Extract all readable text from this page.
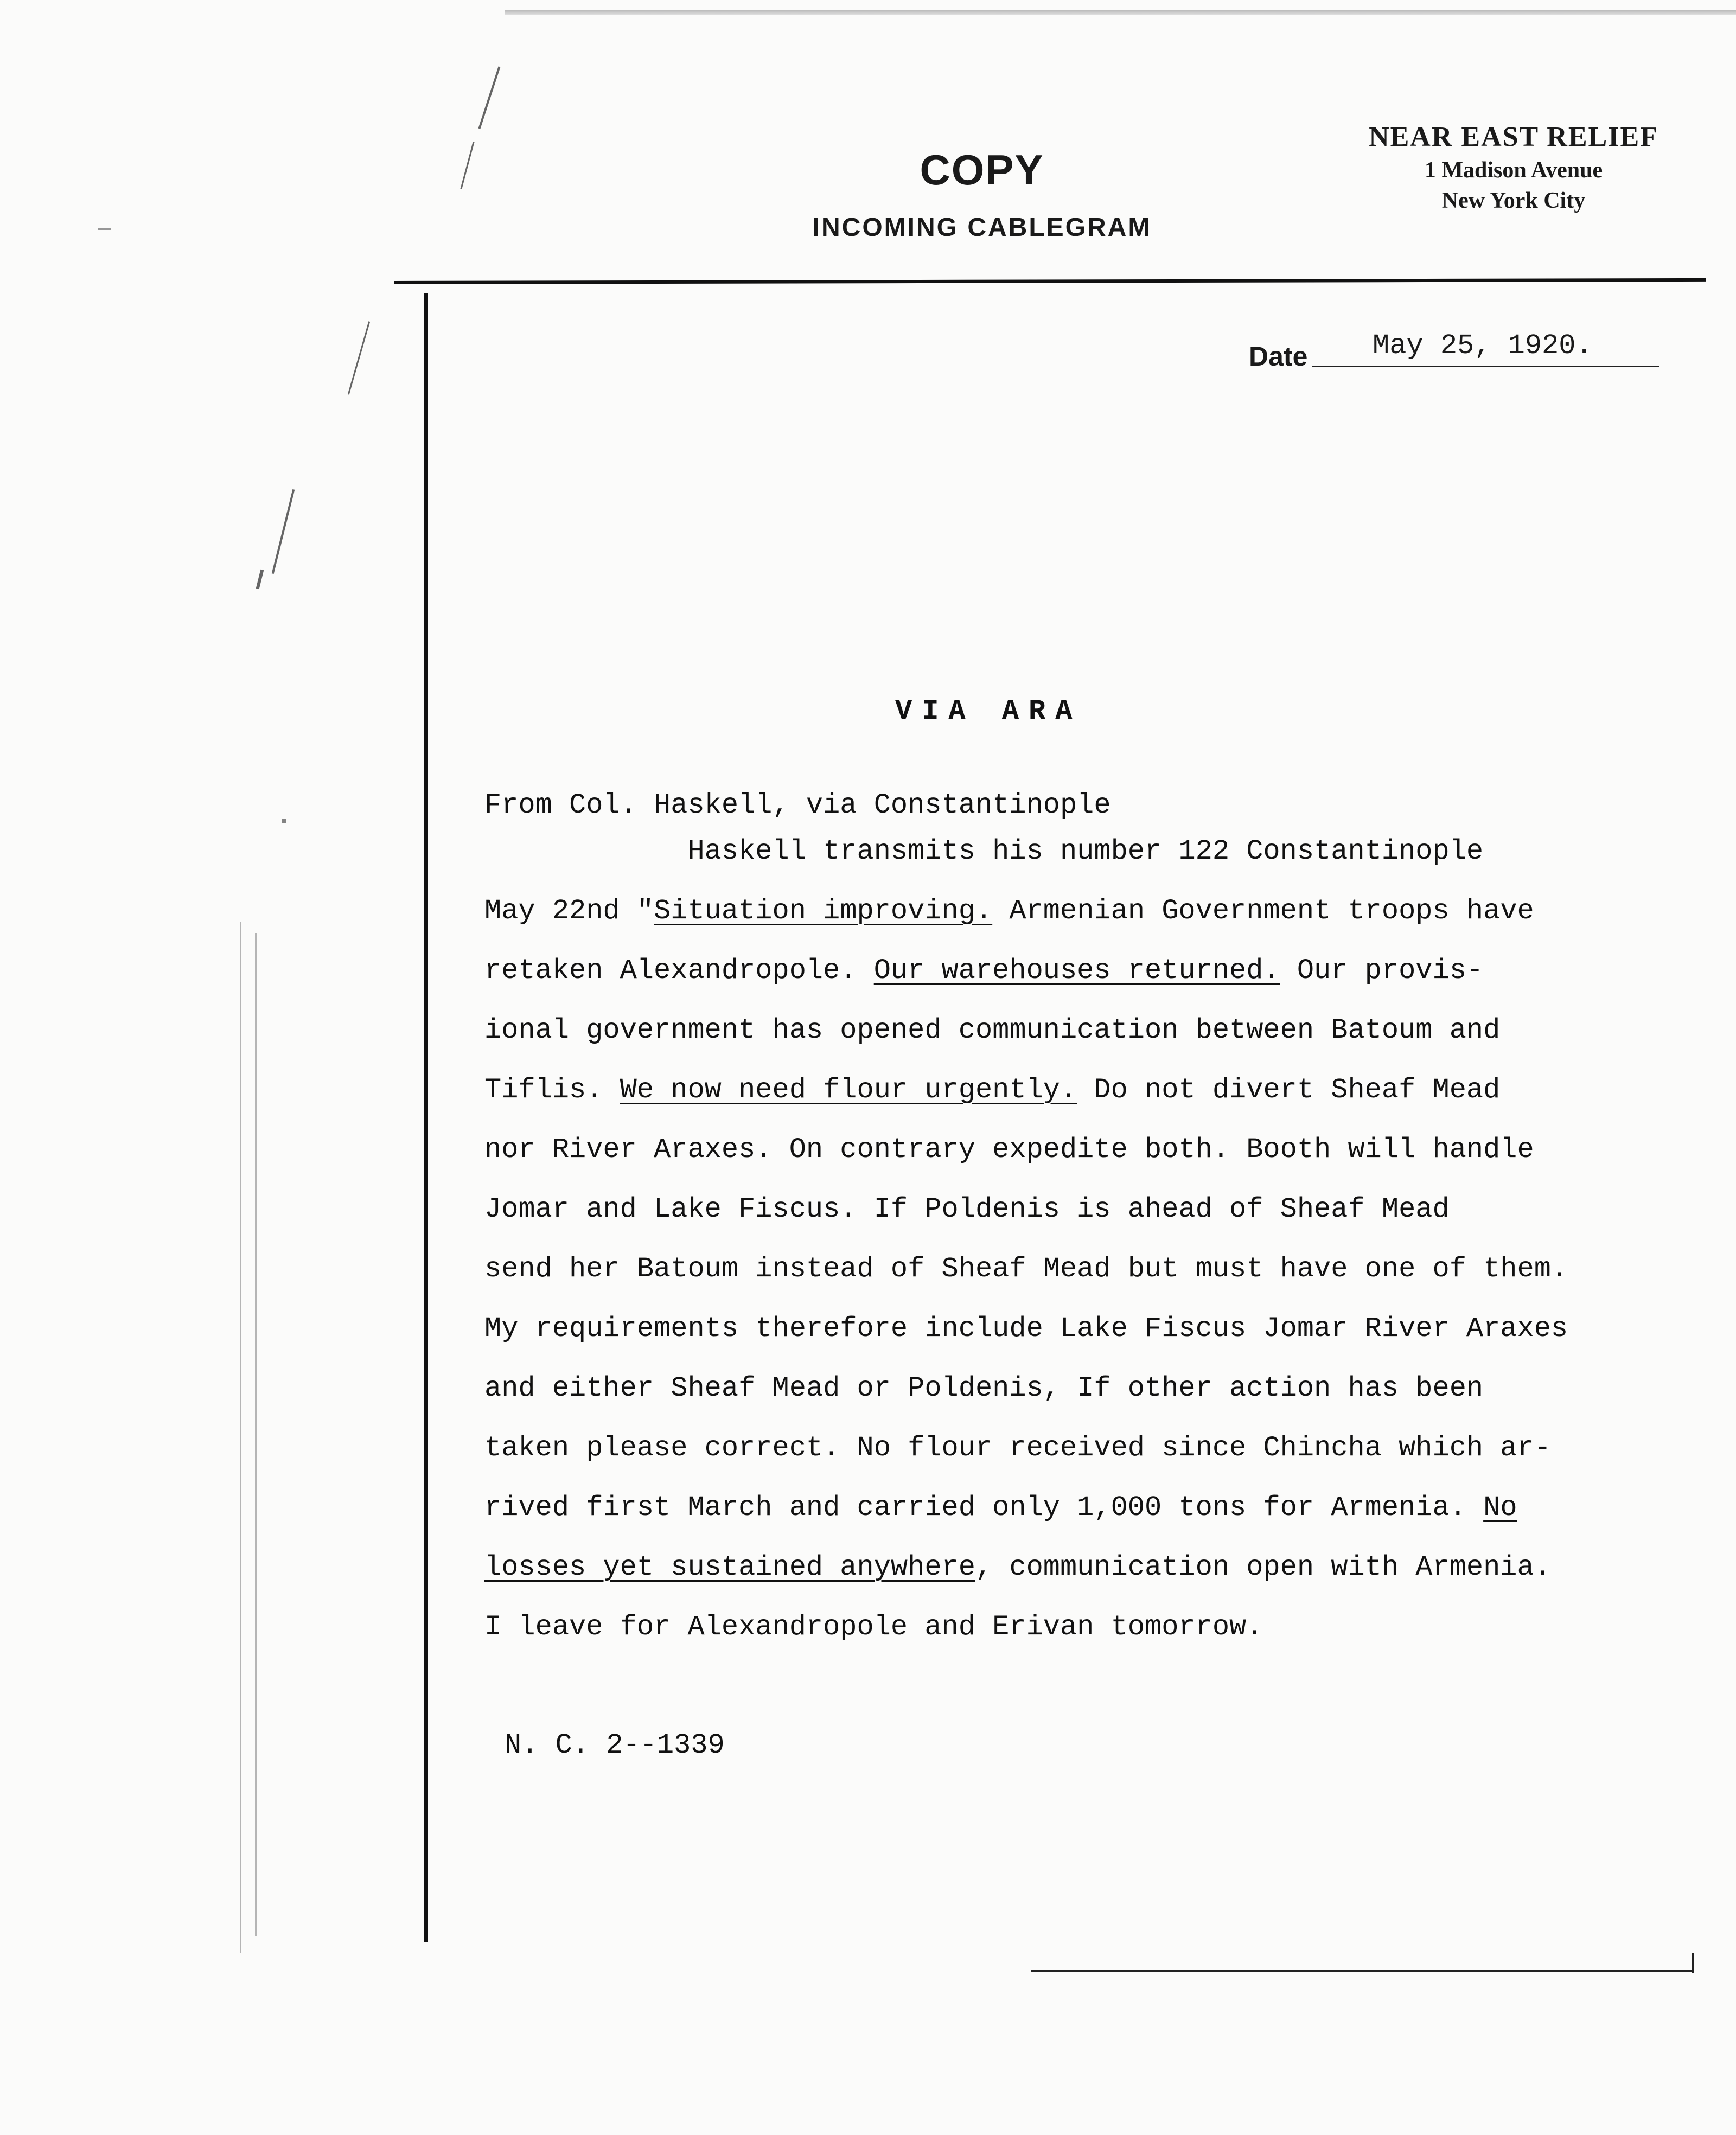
COPY
INCOMING CABLEGRAM
NEAR EAST RELIEF
1 Madison Avenue
New York City
Date May 25, 1920.
VIA ARA
From Col. Haskell, via Constantinople
Haskell transmits his number 122 Constantinople
May 22nd "Situation improving. Armenian Government troops have
retaken Alexandropole. Our warehouses returned. Our provis-
ional government has opened communication between Batoum and
Tiflis. We now need flour urgently. Do not divert Sheaf Mead
nor River Araxes. On contrary expedite both. Booth will handle
Jomar and Lake Fiscus. If Poldenis is ahead of Sheaf Mead
send her Batoum instead of Sheaf Mead but must have one of them.
My requirements therefore include Lake Fiscus Jomar River Araxes
and either Sheaf Mead or Poldenis, If other action has been
taken please correct. No flour received since Chincha which ar-
rived first March and carried only 1,000 tons for Armenia. No
losses yet sustained anywhere, communication open with Armenia.
I leave for Alexandropole and Erivan tomorrow.
N. C. 2--1339
